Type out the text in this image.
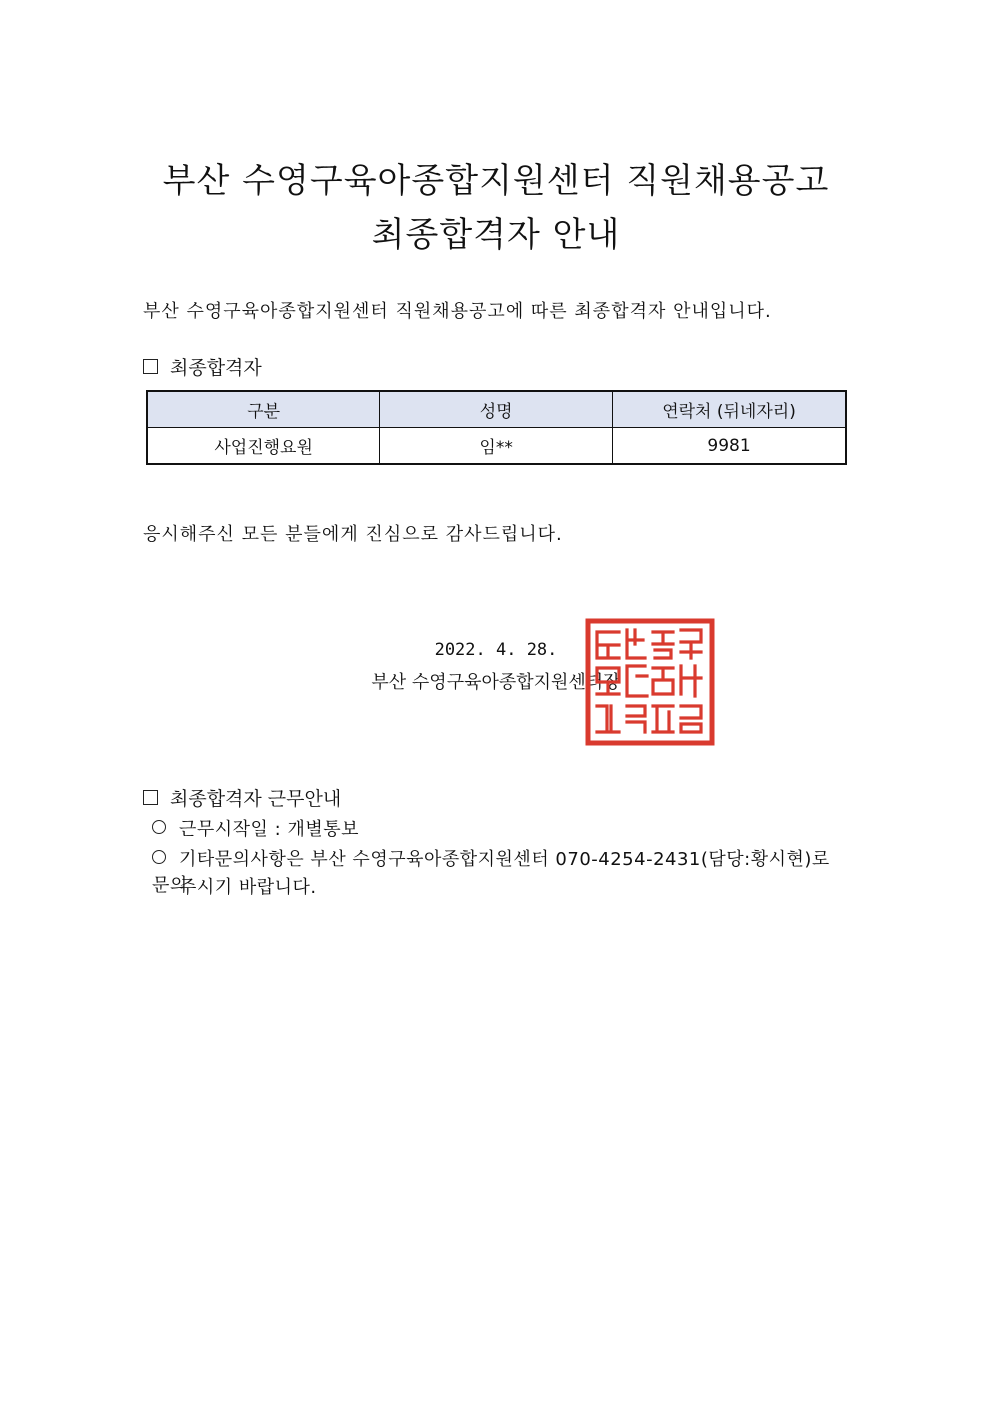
부산 수영구육아종합지원센터 직원채용공고
최종합격자 안내
부산 수영구육아종합지원센터 직원채용공고에 따른 최종합격자 안내입니다.
최종합격자
구분	성명	연락처 (뒤네자리)
사업진행요원	임**	9981
응시해주신 모든 분들에게 진심으로 감사드립니다.
2022. 4. 28.
부산 수영구육아종합지원센터장
최종합격자 근무안내
근무시작일 : 개별통보
기타문의사항은 부산 수영구육아종합지원센터 070-4254-2431(담당:황시현)로 문의
주시기 바랍니다.
